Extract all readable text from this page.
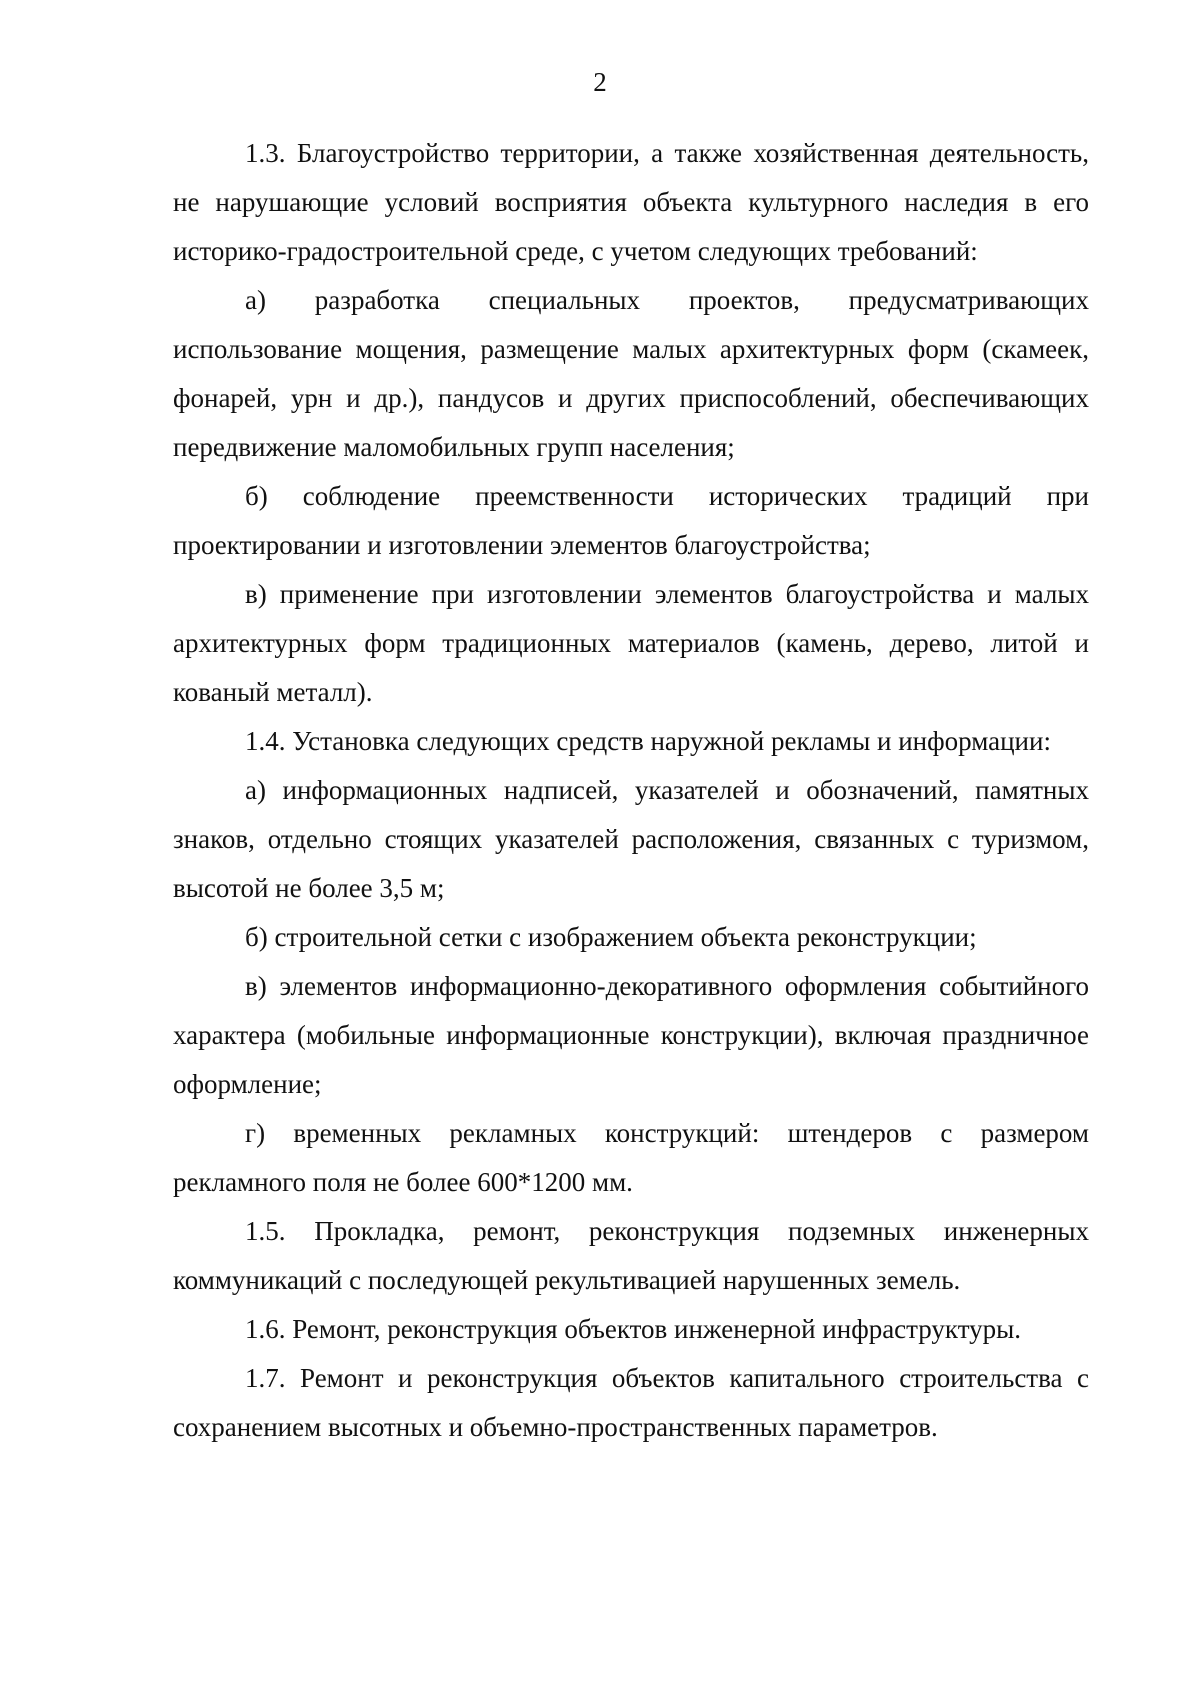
2

1.3. Благоустройство территории, а также хозяйственная деятельность, не нарушающие условий восприятия объекта культурного наследия в его историко-градостроительной среде, с учетом следующих требований:

а) разработка специальных проектов, предусматривающих использование мощения, размещение малых архитектурных форм (скамеек, фонарей, урн и др.), пандусов и других приспособлений, обеспечивающих передвижение маломобильных групп населения;

б) соблюдение преемственности исторических традиций при проектировании и изготовлении элементов благоустройства;

в) применение при изготовлении элементов благоустройства и малых архитектурных форм традиционных материалов (камень, дерево, литой и кованый металл).

1.4. Установка следующих средств наружной рекламы и информации:

а) информационных надписей, указателей и обозначений, памятных знаков, отдельно стоящих указателей расположения, связанных с туризмом, высотой не более 3,5 м;

б) строительной сетки с изображением объекта реконструкции;

в) элементов информационно-декоративного оформления событийного характера (мобильные информационные конструкции), включая праздничное оформление;

г) временных рекламных конструкций: штендеров с размером рекламного поля не более 600*1200 мм.

1.5. Прокладка, ремонт, реконструкция подземных инженерных коммуникаций с последующей рекультивацией нарушенных земель.

1.6. Ремонт, реконструкция объектов инженерной инфраструктуры.

1.7. Ремонт и реконструкция объектов капитального строительства с сохранением высотных и объемно-пространственных параметров.
